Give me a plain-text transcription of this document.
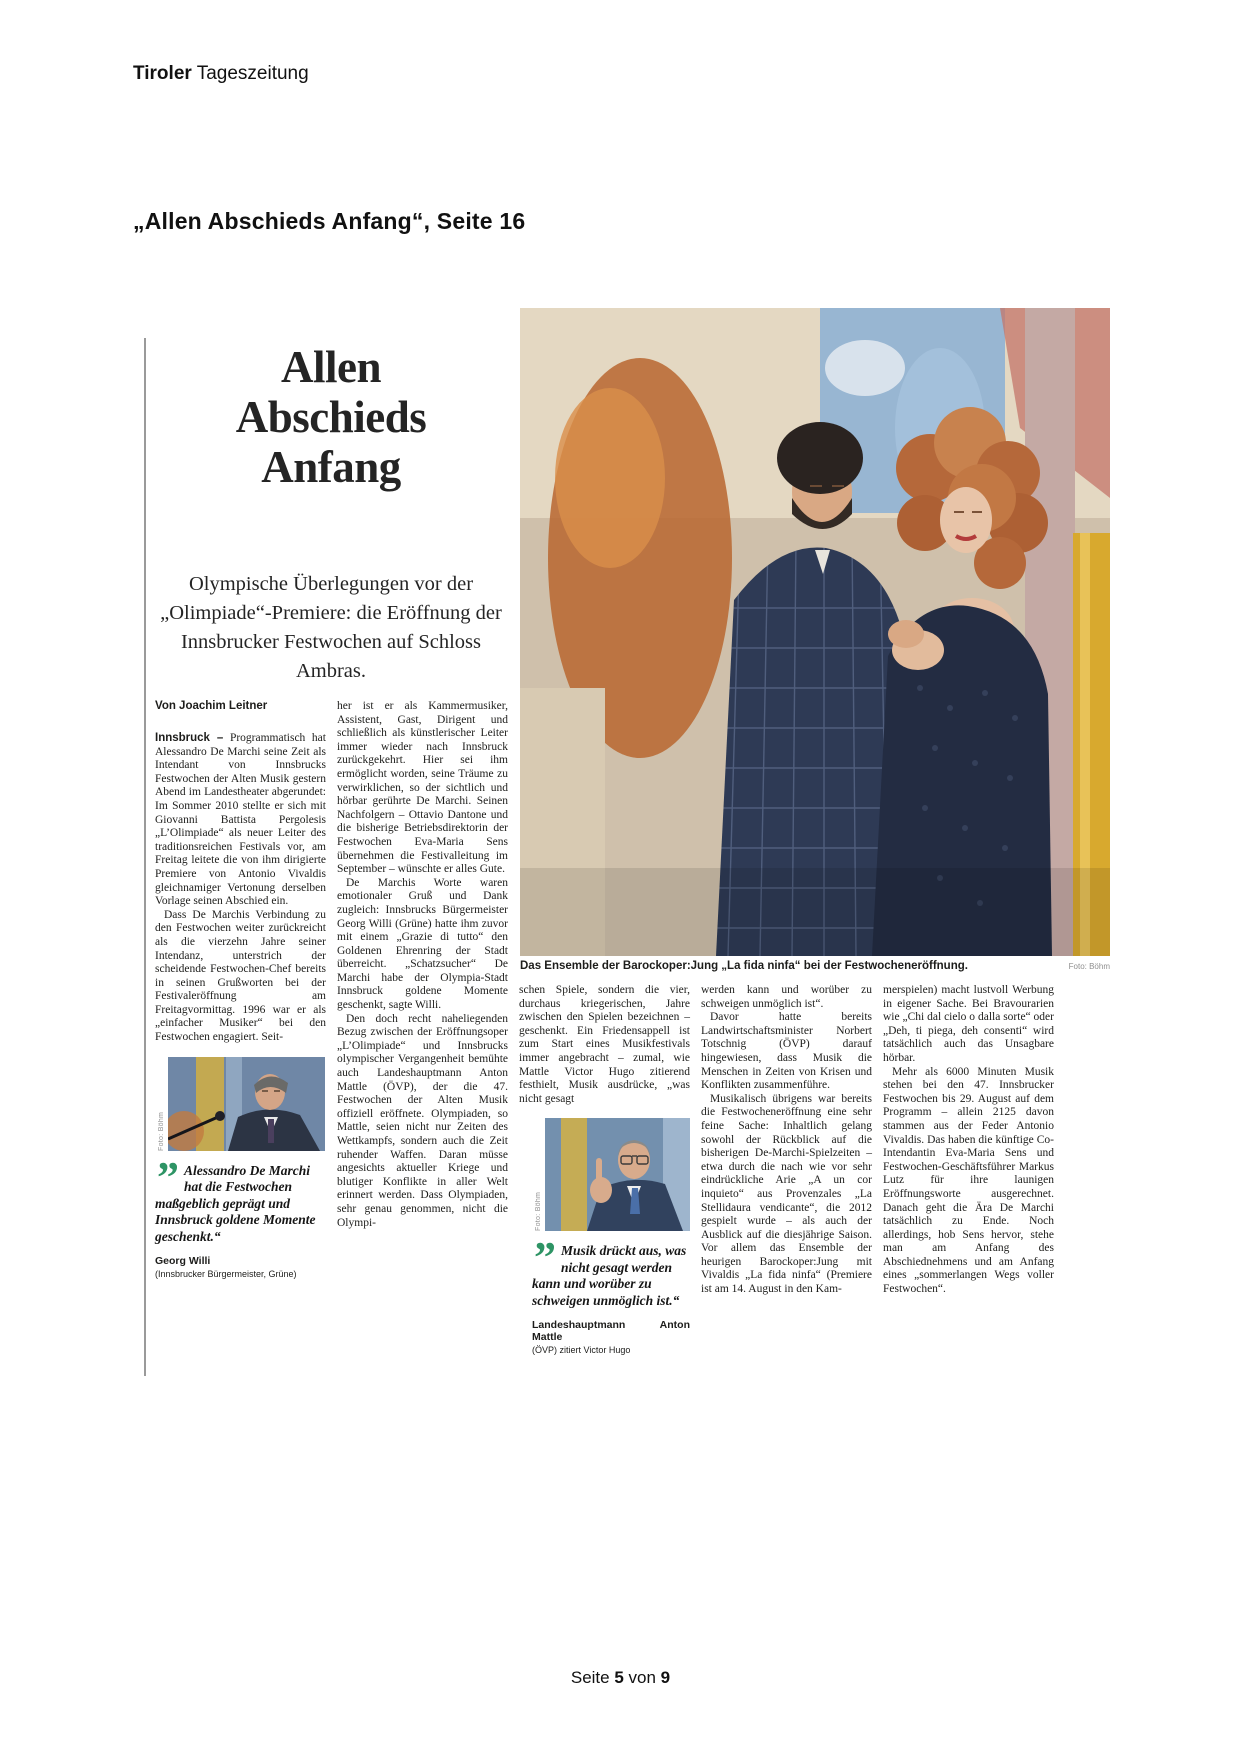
Tiroler Tageszeitung
„Allen Abschieds Anfang“, Seite 16
Allen
Abschieds
Anfang
Olympische Überlegungen vor der „Olimpiade“-Premiere: die Eröffnung der Innsbrucker Festwochen auf Schloss Ambras.
Von Joachim Leitner
Das Ensemble der Barockoper:Jung „La fida ninfa“ bei der Festwocheneröffnung.	Foto: Böhm

Innsbruck – Programmatisch hat Alessandro De Marchi seine Zeit als Intendant von Innsbrucks Festwochen der Alten Musik gestern Abend im Landestheater abgerundet: Im Sommer 2010 stellte er sich mit Giovanni Battista Pergolesis „L’Olimpiade“ als neuer Leiter des traditionsreichen Festivals vor, am Freitag leitete die von ihm dirigierte Premiere von Antonio Vivaldis gleichnamiger Vertonung derselben Vorlage seinen Abschied ein.

Dass De Marchis Verbindung zu den Festwochen weiter zurückreicht als die vierzehn Jahre seiner Intendanz, unterstrich der scheidende Festwochen-Chef bereits in seinen Grußworten bei der Festivaleröffnung am Freitagvormittag. 1996 war er als „einfacher Musiker“ bei den Festwochen engagiert. Seit-

Foto: Böhm
” Alessandro De Marchi hat die Festwochen maßgeblich geprägt und Innsbruck goldene Momente geschenkt.“
Georg Willi
(Innsbrucker Bürgermeister, Grüne)

her ist er als Kammermusiker, Assistent, Gast, Dirigent und schließlich als künstlerischer Leiter immer wieder nach Innsbruck zurückgekehrt. Hier sei ihm ermöglicht worden, seine Träume zu verwirklichen, so der sichtlich und hörbar gerührte De Marchi. Seinen Nachfolgern – Ottavio Dantone und die bisherige Betriebsdirektorin der Festwochen Eva-Maria Sens übernehmen die Festivalleitung im September – wünschte er alles Gute.

De Marchis Worte waren emotionaler Gruß und Dank zugleich: Innsbrucks Bürgermeister Georg Willi (Grüne) hatte ihm zuvor mit einem „Grazie di tutto“ den Goldenen Ehrenring der Stadt überreicht. „Schatzsucher“ De Marchi habe der Olympia-Stadt Innsbruck goldene Momente geschenkt, sagte Willi.

Den doch recht naheliegenden Bezug zwischen der Eröffnungsoper „L’Olimpiade“ und Innsbrucks olympischer Vergangenheit bemühte auch Landeshauptmann Anton Mattle (ÖVP), der die 47. Festwochen der Alten Musik offiziell eröffnete. Olympiaden, so Mattle, seien nicht nur Zeiten des Wettkampfs, sondern auch die Zeit ruhender Waffen. Daran müsse angesichts aktueller Kriege und blutiger Konflikte in aller Welt erinnert werden. Dass Olympiaden, sehr genau genommen, nicht die Olympi-

schen Spiele, sondern die vier, durchaus kriegerischen, Jahre zwischen den Spielen bezeichnen – geschenkt. Ein Friedensappell ist zum Start eines Musikfestivals immer angebracht – zumal, wie Mattle Victor Hugo zitierend festhielt, Musik ausdrücke, „was nicht gesagt

Foto: Böhm
” Musik drückt aus, was nicht gesagt werden kann und worüber zu schweigen unmöglich ist.“
Landeshauptmann Anton Mattle
(ÖVP) zitiert Victor Hugo

werden kann und worüber zu schweigen unmöglich ist“.

Davor hatte bereits Landwirtschaftsminister Norbert Totschnig (ÖVP) darauf hingewiesen, dass Musik die Menschen in Zeiten von Krisen und Konflikten zusammenführe.

Musikalisch übrigens war bereits die Festwocheneröffnung eine sehr feine Sache: Inhaltlich gelang sowohl der Rückblick auf die bisherigen De-Marchi-Spielzeiten – etwa durch die nach wie vor sehr eindrückliche Arie „A un cor inquieto“ aus Provenzales „La Stellidaura vendicante“, die 2012 gespielt wurde – als auch der Ausblick auf die diesjährige Saison. Vor allem das Ensemble der heurigen Barockoper:Jung mit Vivaldis „La fida ninfa“ (Premiere ist am 14. August in den Kam-

merspielen) macht lustvoll Werbung in eigener Sache. Bei Bravourarien wie „Chi dal cielo o dalla sorte“ oder „Deh, ti piega, deh consenti“ wird tatsächlich auch das Unsagbare hörbar.

Mehr als 6000 Minuten Musik stehen bei den 47. Innsbrucker Festwochen bis 29. August auf dem Programm – allein 2125 davon stammen aus der Feder Antonio Vivaldis. Das haben die künftige Co-Intendantin Eva-Maria Sens und Festwochen-Geschäftsführer Markus Lutz für ihre launigen Eröffnungsworte ausgerechnet. Danach geht die Ära De Marchi tatsächlich zu Ende. Noch allerdings, hob Sens hervor, stehe man am Anfang des Abschiednehmens und am Anfang eines „sommerlangen Wegs voller Festwochen“.

Seite 5 von 9
